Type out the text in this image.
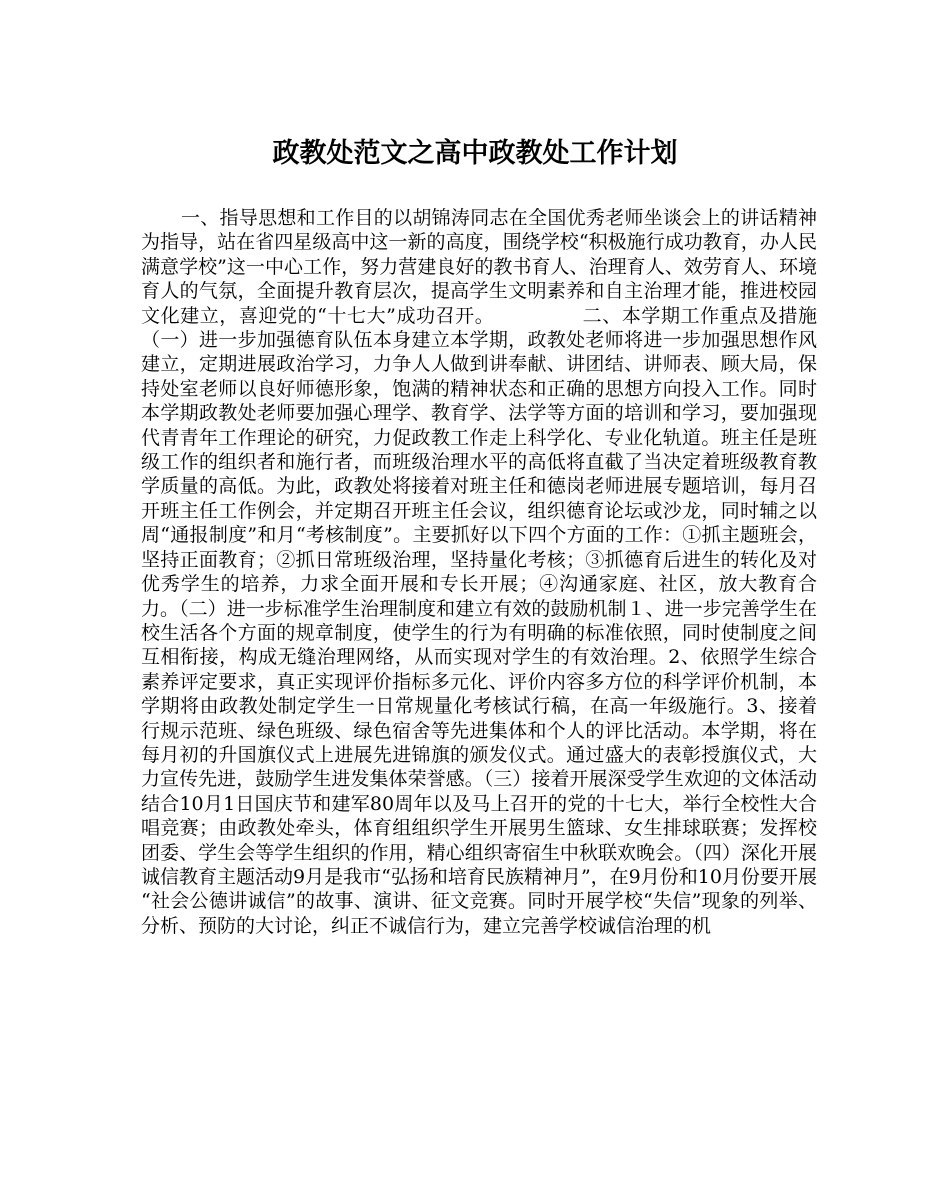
政教处范文之高中政教处工作计划

一、指导思想和工作目的以胡锦涛同志在全国优秀老师坐谈会上的讲话精神为指导，站在省四星级高中这一新的高度，围绕学校“积极施行成功教育，办人民满意学校”这一中心工作，努力营建良好的教书育人、治理育人、效劳育人、环境育人的气氛，全面提升教育层次，提高学生文明素养和自主治理才能，推进校园文化建立，喜迎党的“十七大”成功召开。　　　　　二、本学期工作重点及措施（一）进一步加强德育队伍本身建立本学期，政教处老师将进一步加强思想作风建立，定期进展政治学习，力争人人做到讲奉献、讲团结、讲师表、顾大局，保持处室老师以良好师德形象，饱满的精神状态和正确的思想方向投入工作。同时本学期政教处老师要加强心理学、教育学、法学等方面的培训和学习，要加强现代青青年工作理论的研究，力促政教工作走上科学化、专业化轨道。班主任是班级工作的组织者和施行者，而班级治理水平的高低将直截了当决定着班级教育教学质量的高低。为此，政教处将接着对班主任和德岗老师进展专题培训，每月召开班主任工作例会，并定期召开班主任会议，组织德育论坛或沙龙，同时辅之以周“通报制度”和月“考核制度”。主要抓好以下四个方面的工作：①抓主题班会，坚持正面教育；②抓日常班级治理，坚持量化考核；③抓德育后进生的转化及对优秀学生的培养，力求全面开展和专长开展；④沟通家庭、社区，放大教育合力。（二）进一步标准学生治理制度和建立有效的鼓励机制１、进一步完善学生在校生活各个方面的规章制度，使学生的行为有明确的标准依照，同时使制度之间互相衔接，构成无缝治理网络，从而实现对学生的有效治理。2、依照学生综合素养评定要求，真正实现评价指标多元化、评价内容多方位的科学评价机制，本学期将由政教处制定学生一日常规量化考核试行稿，在高一年级施行。3、接着行规示范班、绿色班级、绿色宿舍等先进集体和个人的评比活动。本学期，将在每月初的升国旗仪式上进展先进锦旗的颁发仪式。通过盛大的表彰授旗仪式，大力宣传先进，鼓励学生进发集体荣誉感。（三）接着开展深受学生欢迎的文体活动结合10月1日国庆节和建军80周年以及马上召开的党的十七大，举行全校性大合唱竞赛；由政教处牵头，体育组组织学生开展男生篮球、女生排球联赛；发挥校团委、学生会等学生组织的作用，精心组织寄宿生中秋联欢晚会。（四）深化开展诚信教育主题活动9月是我市“弘扬和培育民族精神月”，在9月份和10月份要开展 “社会公德讲诚信”的故事、演讲、征文竞赛。同时开展学校“失信”现象的列举、分析、预防的大讨论，纠正不诚信行为，建立完善学校诚信治理的机
